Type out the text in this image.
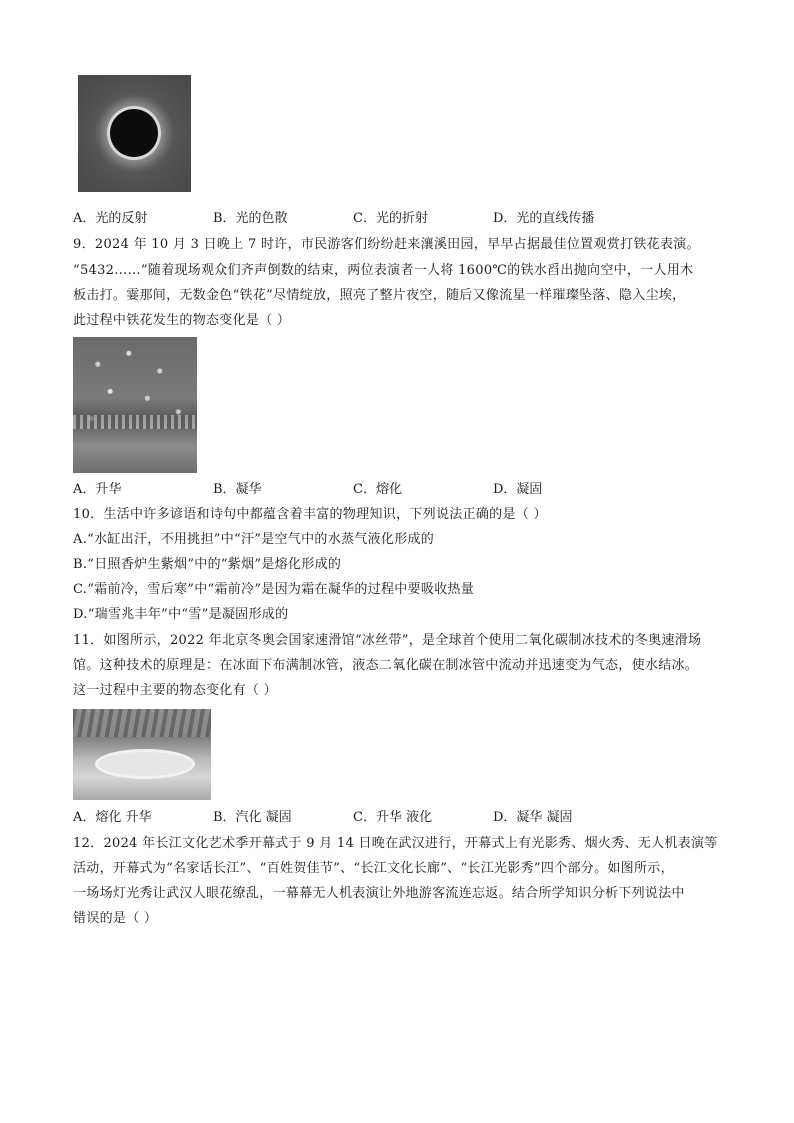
A．光的反射	B．光的色散	C．光的折射	D．光的直线传播
9．2024 年 10 月 3 日晚上 7 时许，市民游客们纷纷赶来瀼溪田园，早早占据最佳位置观赏打铁花表演。
“5432……”随着现场观众们齐声倒数的结束，两位表演者一人将 1600℃的铁水舀出抛向空中，一人用木
板击打。霎那间，无数金色“铁花”尽情绽放，照亮了整片夜空，随后又像流星一样璀璨坠落、隐入尘埃，
此过程中铁花发生的物态变化是（ ）
A．升华	B．凝华	C．熔化	D．凝固
10．生活中许多谚语和诗句中都蕴含着丰富的物理知识，下列说法正确的是（ ）
A.“水缸出汗，不用挑担”中“汗”是空气中的水蒸气液化形成的
B.“日照香炉生紫烟”中的“紫烟”是熔化形成的
C.“霜前冷，雪后寒”中“霜前冷”是因为霜在凝华的过程中要吸收热量
D.“瑞雪兆丰年”中“雪”是凝固形成的
11．如图所示，2022 年北京冬奥会国家速滑馆“冰丝带”，是全球首个使用二氧化碳制冰技术的冬奥速滑场
馆。这种技术的原理是：在冰面下布满制冰管，液态二氧化碳在制冰管中流动并迅速变为气态，使水结冰。
这一过程中主要的物态变化有（ ）
A．熔化 升华	B．汽化 凝固	C．升华 液化	D．凝华 凝固
12．2024 年长江文化艺术季开幕式于 9 月 14 日晚在武汉进行，开幕式上有光影秀、烟火秀、无人机表演等
活动，开幕式为“名家话长江”、“百姓贺佳节”、“长江文化长廊”、“长江光影秀”四个部分。如图所示，
一场场灯光秀让武汉人眼花缭乱，一幕幕无人机表演让外地游客流连忘返。结合所学知识分析下列说法中
错误的是（ ）
